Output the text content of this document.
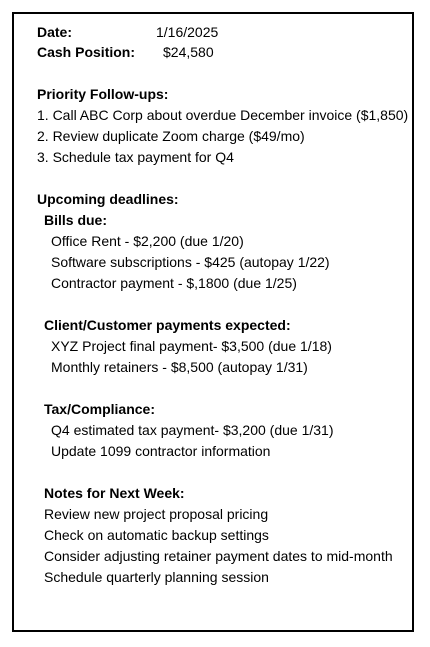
Date:	1/16/2025
Cash Position: $24,580
Priority Follow-ups:
1. Call ABC Corp about overdue December invoice ($1,850)
2. Review duplicate Zoom charge ($49/mo)
3. Schedule tax payment for Q4
Upcoming deadlines:
Bills due:
Office Rent - $2,200 (due 1/20)
Software subscriptions - $425 (autopay 1/22)
Contractor payment - $,1800 (due 1/25)
Client/Customer payments expected:
XYZ Project final payment- $3,500 (due 1/18)
Monthly retainers - $8,500 (autopay 1/31)
Tax/Compliance:
Q4 estimated tax payment- $3,200 (due 1/31)
Update 1099 contractor information
Notes for Next Week:
Review new project proposal pricing
Check on automatic backup settings
Consider adjusting retainer payment dates to mid-month
Schedule quarterly planning session
